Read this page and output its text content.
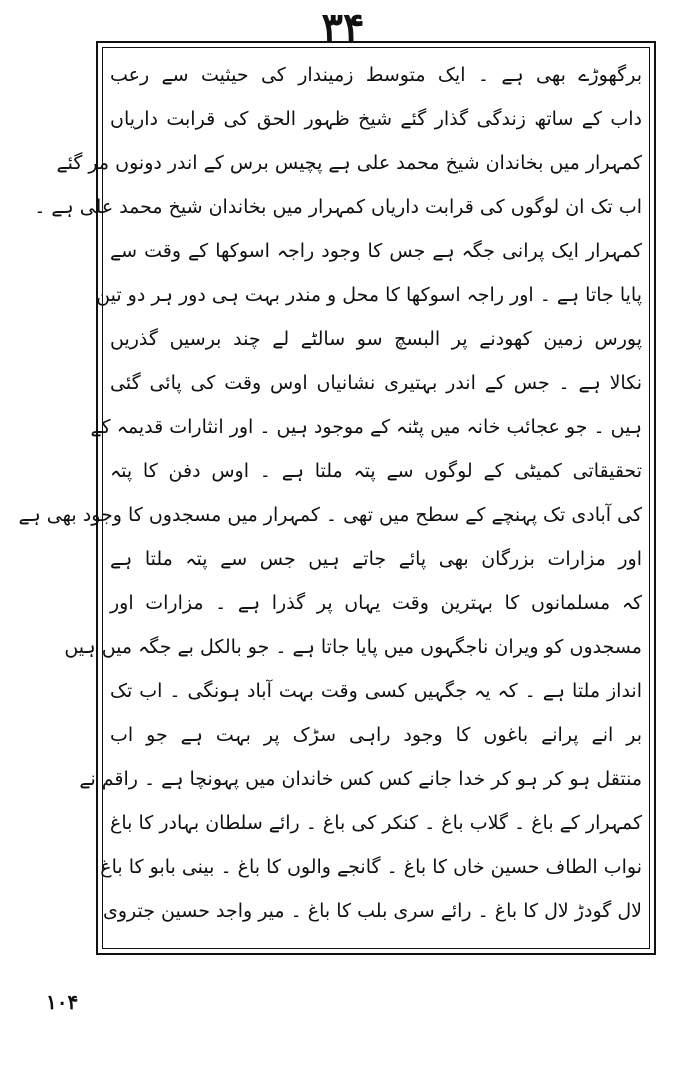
۳۴
برگھوڑے بھی ہے ۔ ایک متوسط زمیندار کی حیثیت سے رعب
داب کے ساتھ زندگی گذار گئے شیخ ظہور الحق کی قرابت داریاں
کمہرار میں بخاندان شیخ محمد علی ہے پچیس برس کے اندر دونوں مر گئے
اب تک ان لوگوں کی قرابت داریاں کمہرار میں بخاندان شیخ محمد علی ہے ۔
کمہرار ایک پرانی جگہ ہے جس کا وجود راجہ اسوکھا کے وقت سے
پایا جاتا ہے ۔ اور راجہ اسوکھا کا محل و مندر بہت ہی دور ہر دو تین
پورس زمین کھودنے پر البسچ سو سالٹے لے چند برسیں گذریں
نکالا ہے ۔ جس کے اندر بہتیری نشانیاں اوس وقت کی پائی گئی
ہیں ۔ جو عجائب خانہ میں پٹنہ کے موجود ہیں ۔ اور انثارات قدیمہ کے
تحقیقاتی کمیٹی کے لوگوں سے پتہ ملتا ہے ۔ اوس دفن کا پتہ
کی آبادی تک پہنچے کے سطح میں تھی ۔ کمہرار میں مسجدوں کا وجود بھی ہے
اور مزارات بزرگان بھی پائے جاتے ہیں جس سے پتہ ملتا ہے
کہ مسلمانوں کا بہترین وقت یہاں پر گذرا ہے ۔ مزارات اور
مسجدوں کو ویران ناجگہوں میں پایا جاتا ہے ۔ جو بالکل بے جگہ میں ہیں
انداز ملتا ہے ۔ کہ یہ جگہیں کسی وقت بہت آباد ہونگی ۔ اب تک
بر انے پرانے باغوں کا وجود راہی سڑک پر بہت ہے جو اب
منتقل ہو کر ہو کر خدا جانے کس کس خاندان میں پہونچا ہے ۔ راقم نے
کمہرار کے باغ ۔ گلاب باغ ۔ کنکر کی باغ ۔ رائے سلطان بہادر کا باغ
نواب الطاف حسین خاں کا باغ ۔ گانجے والوں کا باغ ۔ بینی بابو کا باغ
لال گودڑ لال کا باغ ۔ رائے سری بلب کا باغ ۔ میر واجد حسین جتروی
۱۰۴
